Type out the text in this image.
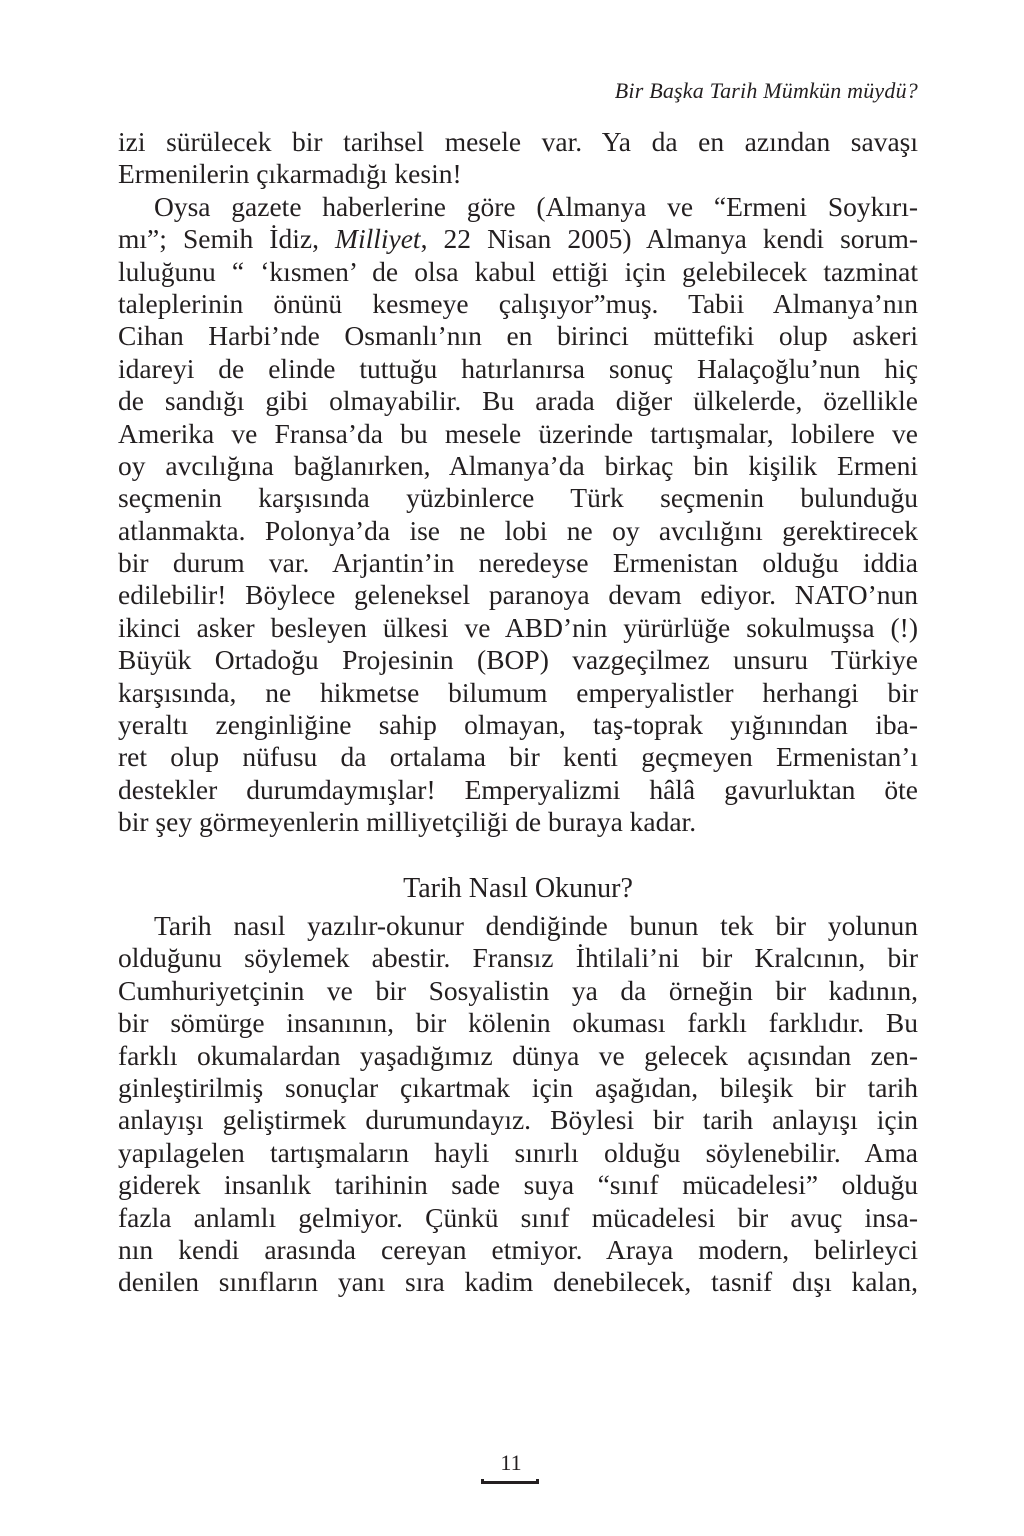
Bir Başka Tarih Mümkün müydü?
izi sürülecek bir tarihsel mesele var. Ya da en azından savaşı
Ermenilerin çıkarmadığı kesin!
Oysa gazete haberlerine göre (Almanya ve “Ermeni Soykırı-
mı”; Semih İdiz, Milliyet, 22 Nisan 2005) Almanya kendi sorum-
luluğunu “ ‘kısmen’ de olsa kabul ettiği için gelebilecek tazminat
taleplerinin önünü kesmeye çalışıyor”muş. Tabii Almanya’nın
Cihan Harbi’nde Osmanlı’nın en birinci müttefiki olup askeri
idareyi de elinde tuttuğu hatırlanırsa sonuç Halaçoğlu’nun hiç
de sandığı gibi olmayabilir. Bu arada diğer ülkelerde, özellikle
Amerika ve Fransa’da bu mesele üzerinde tartışmalar, lobilere ve
oy avcılığına bağlanırken, Almanya’da birkaç bin kişilik Ermeni
seçmenin karşısında yüzbinlerce Türk seçmenin bulunduğu
atlanmakta. Polonya’da ise ne lobi ne oy avcılığını gerektirecek
bir durum var. Arjantin’in neredeyse Ermenistan olduğu iddia
edilebilir! Böylece geleneksel paranoya devam ediyor. NATO’nun
ikinci asker besleyen ülkesi ve ABD’nin yürürlüğe sokulmuşsa (!)
Büyük Ortadoğu Projesinin (BOP) vazgeçilmez unsuru Türkiye
karşısında, ne hikmetse bilumum emperyalistler herhangi bir
yeraltı zenginliğine sahip olmayan, taş-toprak yığınından iba-
ret olup nüfusu da ortalama bir kenti geçmeyen Ermenistan’ı
destekler durumdaymışlar! Emperyalizmi hâlâ gavurluktan öte
bir şey görmeyenlerin milliyetçiliği de buraya kadar.
Tarih Nasıl Okunur?
Tarih nasıl yazılır-okunur dendiğinde bunun tek bir yolunun
olduğunu söylemek abestir. Fransız İhtilali’ni bir Kralcının, bir
Cumhuriyetçinin ve bir Sosyalistin ya da örneğin bir kadının,
bir sömürge insanının, bir kölenin okuması farklı farklıdır. Bu
farklı okumalardan yaşadığımız dünya ve gelecek açısından zen-
ginleştirilmiş sonuçlar çıkartmak için aşağıdan, bileşik bir tarih
anlayışı geliştirmek durumundayız. Böylesi bir tarih anlayışı için
yapılagelen tartışmaların hayli sınırlı olduğu söylenebilir. Ama
giderek insanlık tarihinin sade suya “sınıf mücadelesi” olduğu
fazla anlamlı gelmiyor. Çünkü sınıf mücadelesi bir avuç insa-
nın kendi arasında cereyan etmiyor. Araya modern, belirleyci
denilen sınıfların yanı sıra kadim denebilecek, tasnif dışı kalan,
11
